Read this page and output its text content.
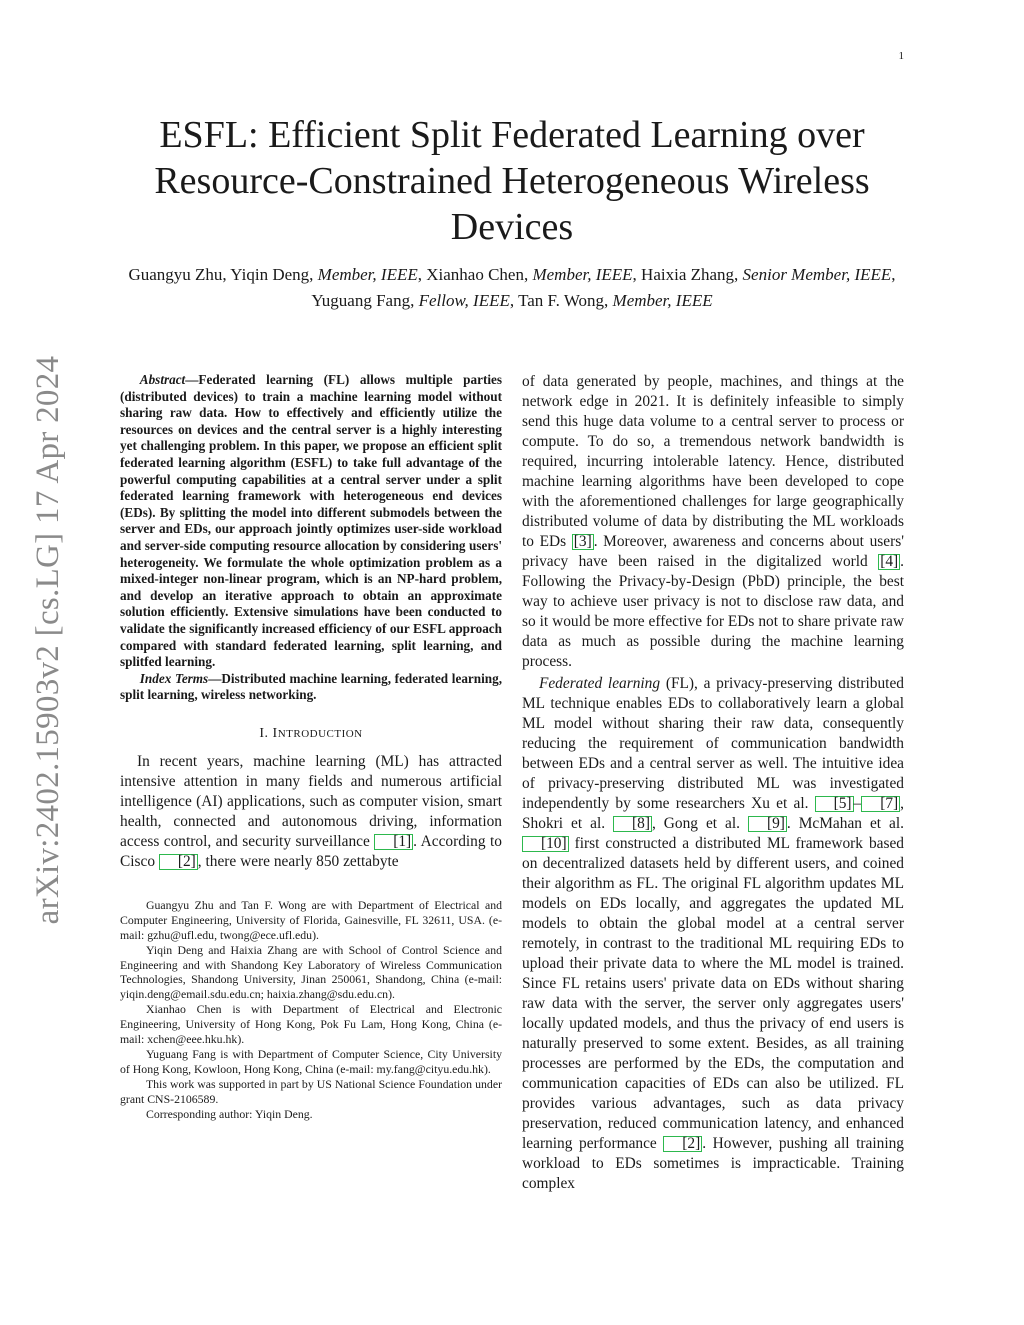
1
arXiv:2402.15903v2 [cs.LG] 17 Apr 2024
ESFL: Efficient Split Federated Learning over Resource-Constrained Heterogeneous Wireless Devices
Guangyu Zhu, Yiqin Deng, Member, IEEE, Xianhao Chen, Member, IEEE, Haixia Zhang, Senior Member, IEEE, Yuguang Fang, Fellow, IEEE, Tan F. Wong, Member, IEEE

Abstract—Federated learning (FL) allows multiple parties (distributed devices) to train a machine learning model without sharing raw data. How to effectively and efficiently utilize the resources on devices and the central server is a highly interesting yet challenging problem. In this paper, we propose an efficient split federated learning algorithm (ESFL) to take full advantage of the powerful computing capabilities at a central server under a split federated learning framework with heterogeneous end devices (EDs). By splitting the model into different submodels between the server and EDs, our approach jointly optimizes user-side workload and server-side computing resource allocation by considering users' heterogeneity. We formulate the whole optimization problem as a mixed-integer non-linear program, which is an NP-hard problem, and develop an iterative approach to obtain an approximate solution efficiently. Extensive simulations have been conducted to validate the significantly increased efficiency of our ESFL approach compared with standard federated learning, split learning, and splitfed learning.

Index Terms—Distributed machine learning, federated learning, split learning, wireless networking.

I. INTRODUCTION

In recent years, machine learning (ML) has attracted intensive attention in many fields and numerous artificial intelligence (AI) applications, such as computer vision, smart health, connected and autonomous driving, information access control, and security surveillance [1] . According to Cisco [2] , there were nearly 850 zettabyte

Guangyu Zhu and Tan F. Wong are with Department of Electrical and Computer Engineering, University of Florida, Gainesville, FL 32611, USA. (e-mail: gzhu@ufl.edu, twong@ece.ufl.edu).

Yiqin Deng and Haixia Zhang are with School of Control Science and Engineering and with Shandong Key Laboratory of Wireless Communication Technologies, Shandong University, Jinan 250061, Shandong, China (e-mail: yiqin.deng@email.sdu.edu.cn; haixia.zhang@sdu.edu.cn).

Xianhao Chen is with Department of Electrical and Electronic Engineering, University of Hong Kong, Pok Fu Lam, Hong Kong, China (e-mail: xchen@eee.hku.hk).

Yuguang Fang is with Department of Computer Science, City University of Hong Kong, Kowloon, Hong Kong, China (e-mail: my.fang@cityu.edu.hk).

This work was supported in part by US National Science Foundation under grant CNS-2106589.

Corresponding author: Yiqin Deng.

of data generated by people, machines, and things at the network edge in 2021. It is definitely infeasible to simply send this huge data volume to a central server to process or compute. To do so, a tremendous network bandwidth is required, incurring intolerable latency. Hence, distributed machine learning algorithms have been developed to cope with the aforementioned challenges for large geographically distributed volume of data by distributing the ML workloads to EDs [3] . Moreover, awareness and concerns about users' privacy have been raised in the digitalized world [4] . Following the Privacy-by-Design (PbD) principle, the best way to achieve user privacy is not to disclose raw data, and so it would be more effective for EDs not to share private raw data as much as possible during the machine learning process.

Federated learning (FL), a privacy-preserving distributed ML technique enables EDs to collaboratively learn a global ML model without sharing their raw data, consequently reducing the requirement of communication bandwidth between EDs and a central server as well. The intuitive idea of privacy-preserving distributed ML was investigated independently by some researchers Xu et al. [5] – [7] , Shokri et al. [8] , Gong et al. [9] . McMahan et al. [10] first constructed a distributed ML framework based on decentralized datasets held by different users, and coined their algorithm as FL. The original FL algorithm updates ML models on EDs locally, and aggregates the updated ML models to obtain the global model at a central server remotely, in contrast to the traditional ML requiring EDs to upload their private data to where the ML model is trained. Since FL retains users' private data on EDs without sharing raw data with the server, the server only aggregates users' locally updated models, and thus the privacy of end users is naturally preserved to some extent. Besides, as all training processes are performed by the EDs, the computation and communication capacities of EDs can also be utilized. FL provides various advantages, such as data privacy preservation, reduced communication latency, and enhanced learning performance [2] . However, pushing all training workload to EDs sometimes is impracticable. Training complex
